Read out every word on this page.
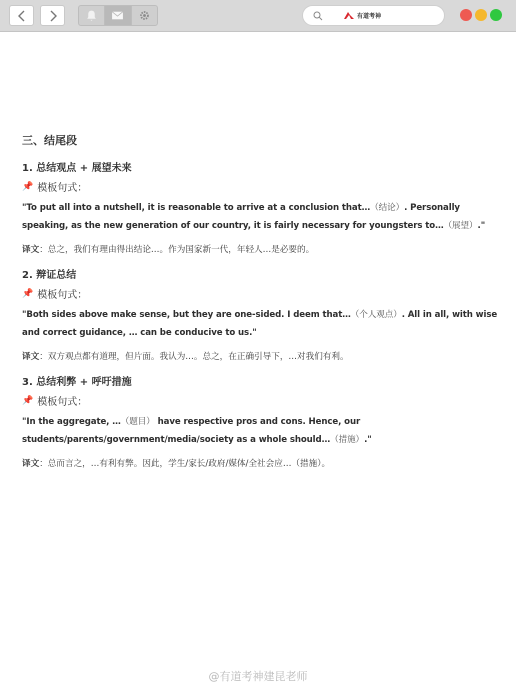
有道考神
三、结尾段
1. 总结观点 + 展望未来
📌 模板句式：
"To put all into a nutshell, it is reasonable to arrive at a conclusion that…（结论）. Personally speaking, as the new generation of our country, it is fairly necessary for youngsters to…（展望）."
译文：总之，我们有理由得出结论…。作为国家新一代，年轻人…是必要的。
2. 辩证总结
📌 模板句式：
"Both sides above make sense, but they are one-sided. I deem that…（个人观点）. All in all, with wise and correct guidance, … can be conducive to us."
译文：双方观点都有道理，但片面。我认为…。总之，在正确引导下，…对我们有利。
3. 总结利弊 + 呼吁措施
📌 模板句式：
"In the aggregate, …（题目） have respective pros and cons. Hence, our students/parents/government/media/society as a whole should…（措施）."
译文：总而言之，…有利有弊。因此，学生/家长/政府/媒体/全社会应…（措施）。
@有道考神建昆老师
